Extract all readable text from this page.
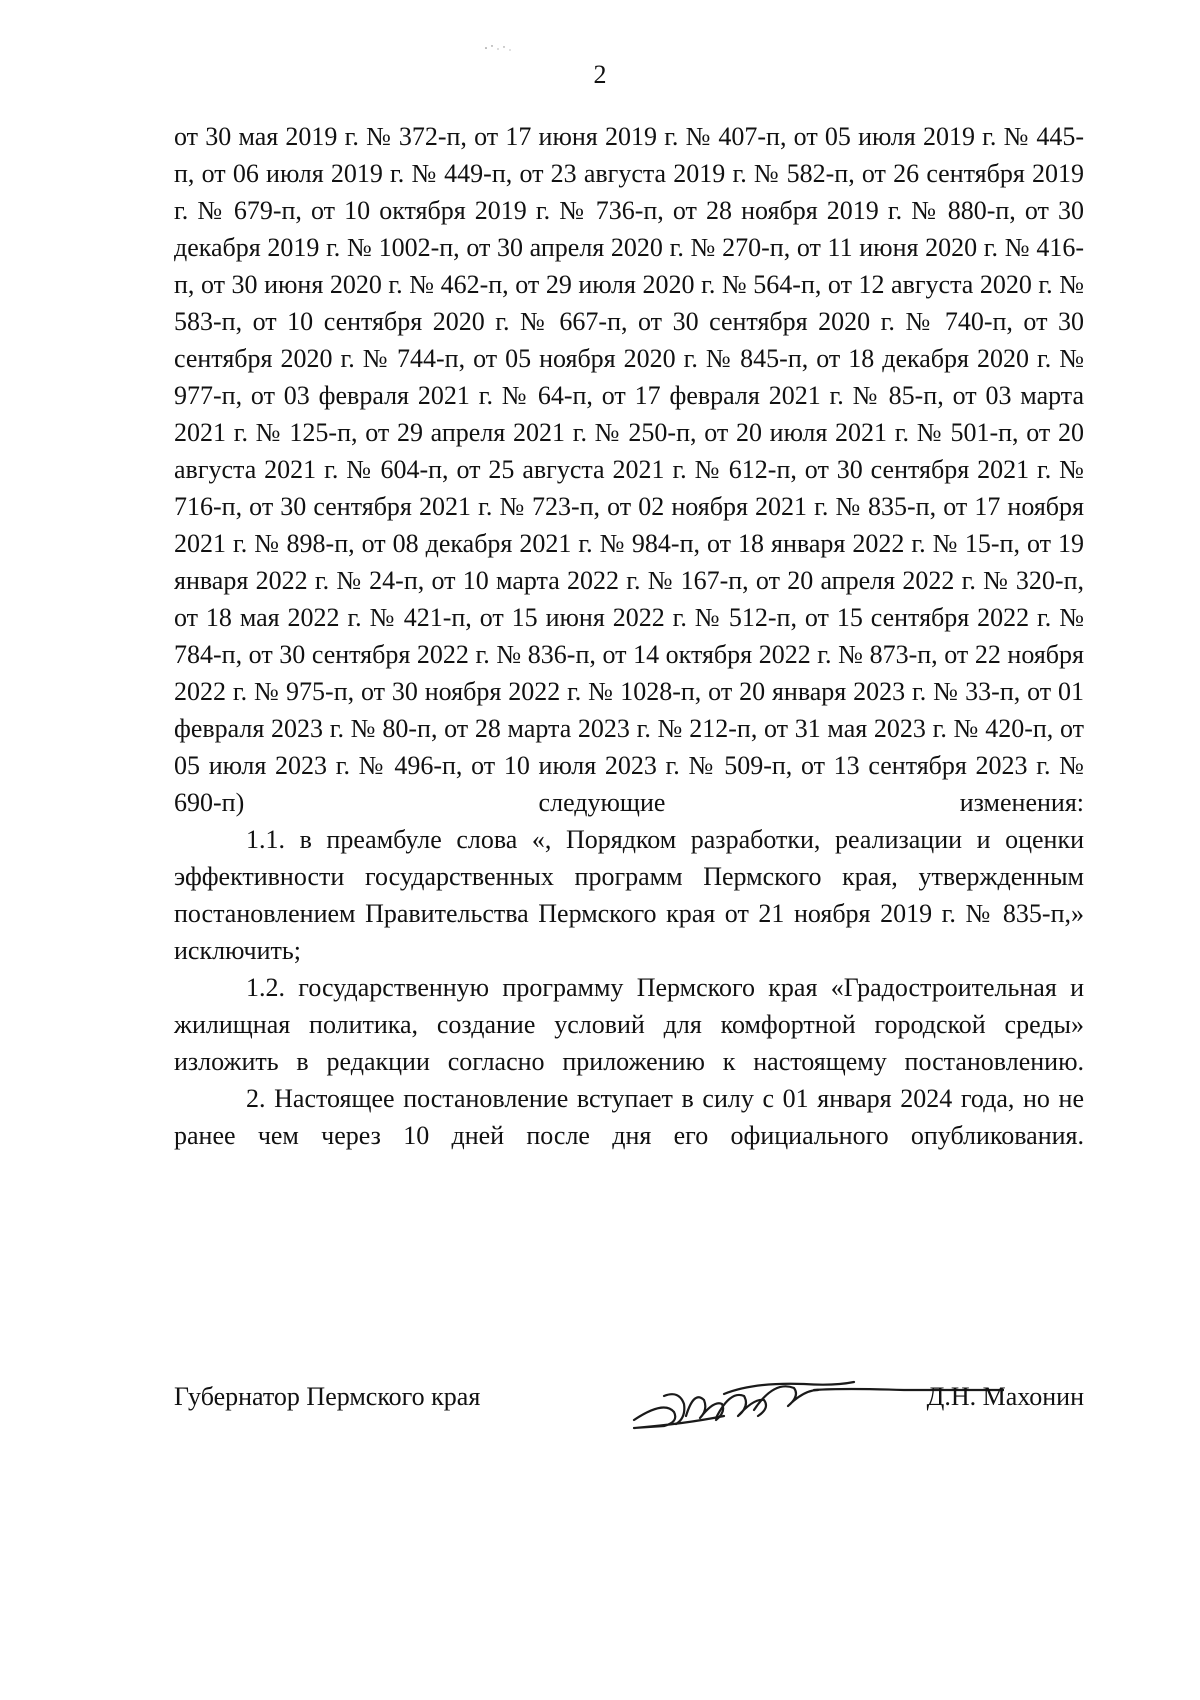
2

от 30 мая 2019 г. № 372-п, от 17 июня 2019 г. № 407-п, от 05 июля 2019 г. № 445-п, от 06 июля 2019 г. № 449-п, от 23 августа 2019 г. № 582-п, от 26 сентября 2019 г. № 679-п, от 10 октября 2019 г. № 736-п, от 28 ноября 2019 г. № 880-п, от 30 декабря 2019 г. № 1002-п, от 30 апреля 2020 г. № 270-п, от 11 июня 2020 г. № 416-п, от 30 июня 2020 г. № 462-п, от 29 июля 2020 г. № 564-п, от 12 августа 2020 г. № 583-п, от 10 сентября 2020 г. № 667-п, от 30 сентября 2020 г. № 740-п, от 30 сентября 2020 г. № 744-п, от 05 ноября 2020 г. № 845-п, от 18 декабря 2020 г. № 977-п, от 03 февраля 2021 г. № 64-п, от 17 февраля 2021 г. № 85-п, от 03 марта 2021 г. № 125-п, от 29 апреля 2021 г. № 250-п, от 20 июля 2021 г. № 501-п, от 20 августа 2021 г. № 604-п, от 25 августа 2021 г. № 612-п, от 30 сентября 2021 г. № 716-п, от 30 сентября 2021 г. № 723-п, от 02 ноября 2021 г. № 835-п, от 17 ноября 2021 г. № 898-п, от 08 декабря 2021 г. № 984-п, от 18 января 2022 г. № 15-п, от 19 января 2022 г. № 24-п, от 10 марта 2022 г. № 167-п, от 20 апреля 2022 г. № 320-п, от 18 мая 2022 г. № 421-п, от 15 июня 2022 г. № 512-п, от 15 сентября 2022 г. № 784-п, от 30 сентября 2022 г. № 836-п, от 14 октября 2022 г. № 873-п, от 22 ноября 2022 г. № 975-п, от 30 ноября 2022 г. № 1028-п, от 20 января 2023 г. № 33-п, от 01 февраля 2023 г. № 80-п, от 28 марта 2023 г. № 212-п, от 31 мая 2023 г. № 420-п, от 05 июля 2023 г. № 496-п, от 10 июля 2023 г. № 509-п, от 13 сентября 2023 г. № 690-п) следующие изменения:

1.1. в преамбуле слова «, Порядком разработки, реализации и оценки эффективности государственных программ Пермского края, утвержденным постановлением Правительства Пермского края от 21 ноября 2019 г. № 835-п,» исключить;

1.2. государственную программу Пермского края «Градостроительная и жилищная политика, создание условий для комфортной городской среды» изложить в редакции согласно приложению к настоящему постановлению.

2. Настоящее постановление вступает в силу с 01 января 2024 года, но не ранее чем через 10 дней после дня его официального опубликования.

Губернатор Пермского края	Д.Н. Махонин
